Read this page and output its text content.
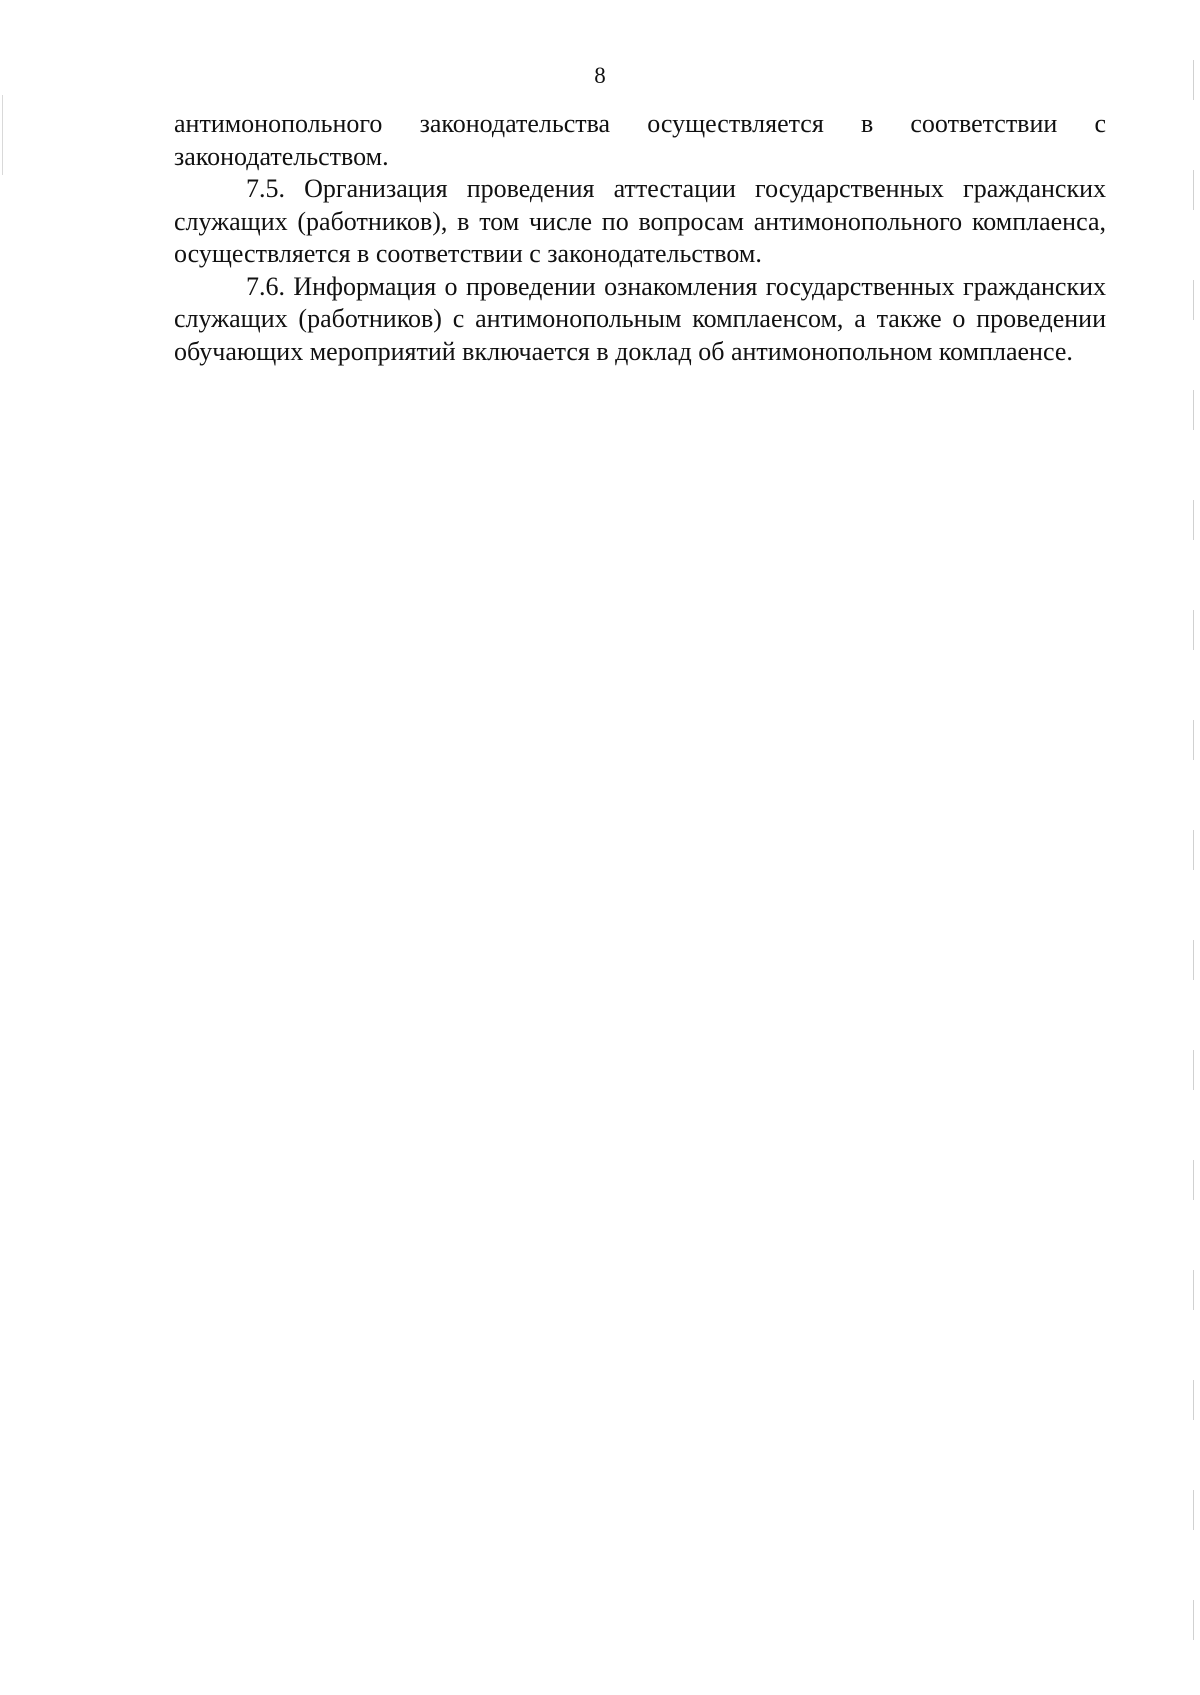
8

антимонопольного законодательства осуществляется в соответствии с законодательством.

7.5. Организация проведения аттестации государственных гражданских служащих (работников), в том числе по вопросам антимонопольного комплаенса, осуществляется в соответствии с законодательством.

7.6. Информация о проведении ознакомления государственных гражданских служащих (работников) с антимонопольным комплаенсом, а также о проведении обучающих мероприятий включается в доклад об антимонопольном комплаенсе.
